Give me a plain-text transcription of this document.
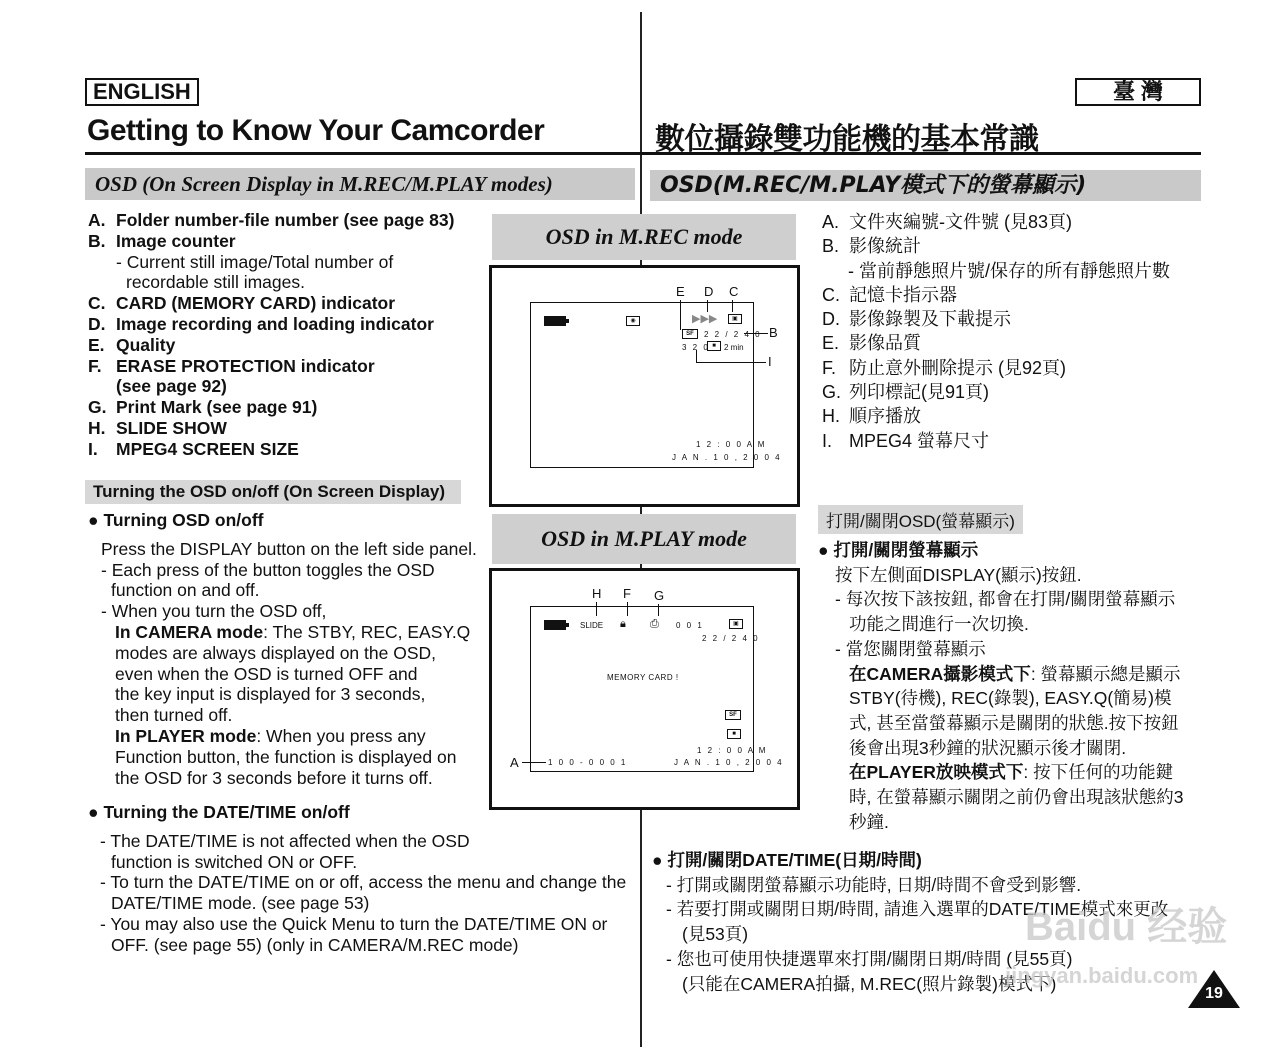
ENGLISH	臺 灣
Getting to Know Your Camcorder	數位攝錄雙功能機的基本常識
OSD (On Screen Display in M.REC/M.PLAY modes)	OSD(M.REC/M.PLAY模式下的螢幕顯示)
A. Folder number-file number (see page 83)
B. Image counter
- Current still image/Total number of
recordable still images.
C. CARD (MEMORY CARD) indicator
D. Image recording and loading indicator
E. Quality
F. ERASE PROTECTION indicator
(see page 92)
G. Print Mark (see page 91)
H. SLIDE SHOW
I.	MPEG4 SCREEN SIZE
Turning the OSD on/off (On Screen Display)
● Turning OSD on/off
Press the DISPLAY button on the left side panel.
- Each press of the button toggles the OSD
function on and off.
- When you turn the OSD off,
In CAMERA mode: The STBY, REC, EASY.Q
modes are always displayed on the OSD,
even when the OSD is turned OFF and
the key input is displayed for 3 seconds,
then turned off.
In PLAYER mode: When you press any
Function button, the function is displayed on
the OSD for 3 seconds before it turns off.
● Turning the DATE/TIME on/off
- The DATE/TIME is not affected when the OSD
function is switched ON or OFF.
- To turn the DATE/TIME on or off, access the menu and change the
DATE/TIME mode. (see page 53)
- You may also use the Quick Menu to turn the DATE/TIME ON or
OFF. (see page 55) (only in CAMERA/M.REC mode)
OSD in M.REC mode
◉
E D C
B
I
▶▶▶	▣
SF	2 2 / 2 4 0
3 2 0 ■	2 min
1 2 : 0 0 A M
J A N . 1 0 , 2 0 0 4
OSD in M.PLAY mode
H F G
A
SLIDE 🔒︎ ⎙ 0 0 1	▣
2 2 / 2 4 0
MEMORY CARD !
SF
■
1 2 : 0 0 A M
J A N . 1 0 , 2 0 0 4
1 0 0 - 0 0 0 1
A. 文件夾編號-文件號 (見83頁)
B. 影像統計
- 當前靜態照片號/保存的所有靜態照片數
C. 記憶卡指示器
D. 影像錄製及下載提示
E. 影像品質
F. 防止意外刪除提示 (見92頁)
G. 列印標記(見91頁)
H. 順序播放
I. MPEG4 螢幕尺寸
打開/關閉OSD(螢幕顯示)
● 打開/關閉螢幕顯示
按下左側面DISPLAY(顯示)按鈕.
- 每次按下該按鈕, 都會在打開/關閉螢幕顯示
功能之間進行一次切換.
- 當您關閉螢幕顯示
在CAMERA攝影模式下: 螢幕顯示總是顯示
STBY(待機), REC(錄製), EASY.Q(簡易)模
式, 甚至當螢幕顯示是關閉的狀態.按下按鈕
後會出現3秒鐘的狀況顯示後才關閉.
在PLAYER放映模式下: 按下任何的功能鍵
時, 在螢幕顯示關閉之前仍會出現該狀態約3
秒鐘.
● 打開/關閉DATE/TIME(日期/時間)
- 打開或關閉螢幕顯示功能時, 日期/時間不會受到影響.
- 若要打開或關閉日期/時間, 請進入選單的DATE/TIME模式來更改
(見53頁)
- 您也可使用快捷選單來打開/關閉日期/時間 (見55頁)
(只能在CAMERA拍攝, M.REC(照片錄製)模式下)
Baidu 经验
jingyan.baidu.com
19
